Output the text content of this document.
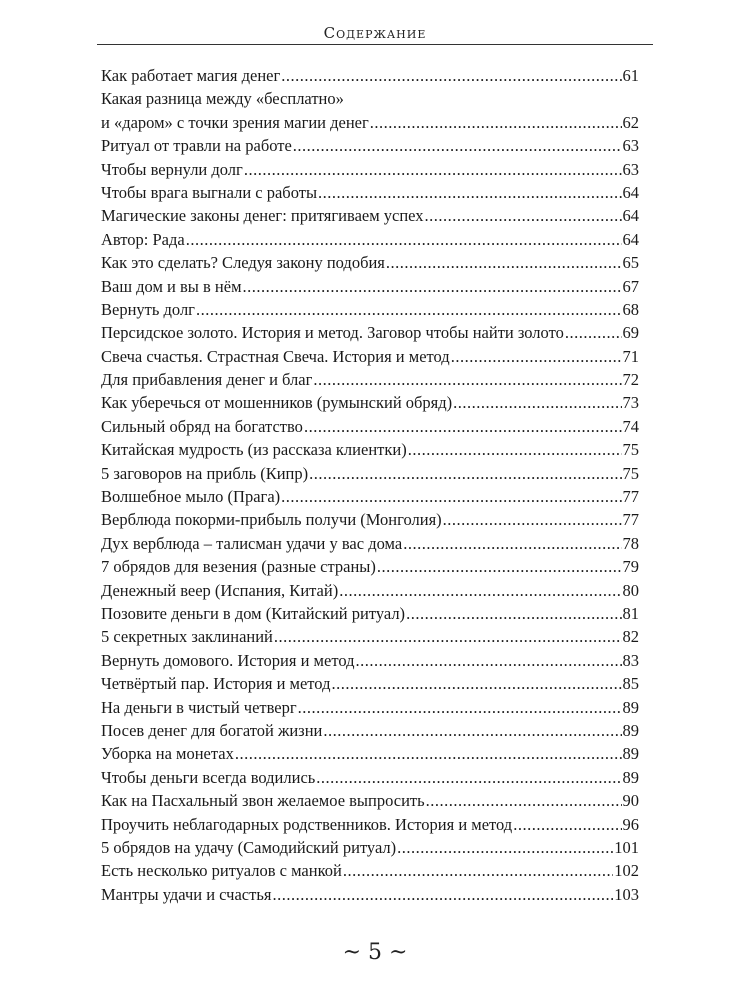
Содержание
Как работает магия денег .....	61
Какая разница между «бесплатно»
и «даром» с точки зрения магии денег .....	62
Ритуал от травли на работе .....	63
Чтобы вернули долг .....	63
Чтобы врага выгнали с работы .....	64
Магические законы денег: притягиваем успех .....	64
Автор: Рада .....	64
Как это сделать? Следуя закону подобия .....	65
Ваш дом и вы в нём .....	67
Вернуть долг .....	68
Персидское золото. История и метод. Заговор чтобы найти золото .....	69
Свеча счастья. Страстная Свеча. История и метод .....	71
Для прибавления денег и благ .....	72
Как уберечься от мошенников (румынский обряд) .....	73
Сильный обряд на богатство .....	74
Китайская мудрость (из рассказа клиентки) .....	75
5 заговоров на прибль (Кипр) .....	75
Волшебное мыло (Прага) .....	77
Верблюда покорми-прибыль получи (Монголия) .....	77
Дух верблюда – талисман удачи у вас дома .....	78
7 обрядов для везения (разные страны) .....	79
Денежный веер (Испания, Китай) .....	80
Позовите деньги в дом (Китайский ритуал) .....	81
5 секретных заклинаний .....	82
Вернуть домового. История и метод .....	83
Четвёртый пар. История и метод .....	85
На деньги в чистый четверг .....	89
Посев денег для богатой жизни .....	89
Уборка на монетах .....	89
Чтобы деньги всегда водились .....	89
Как на Пасхальный звон желаемое выпросить .....	90
Проучить неблагодарных родственников. История и метод .....	96
5 обрядов на удачу (Самодийский ритуал) .....	101
Есть несколько ритуалов с манкой .....	102
Мантры удачи и счастья .....	103
~ 5 ~
